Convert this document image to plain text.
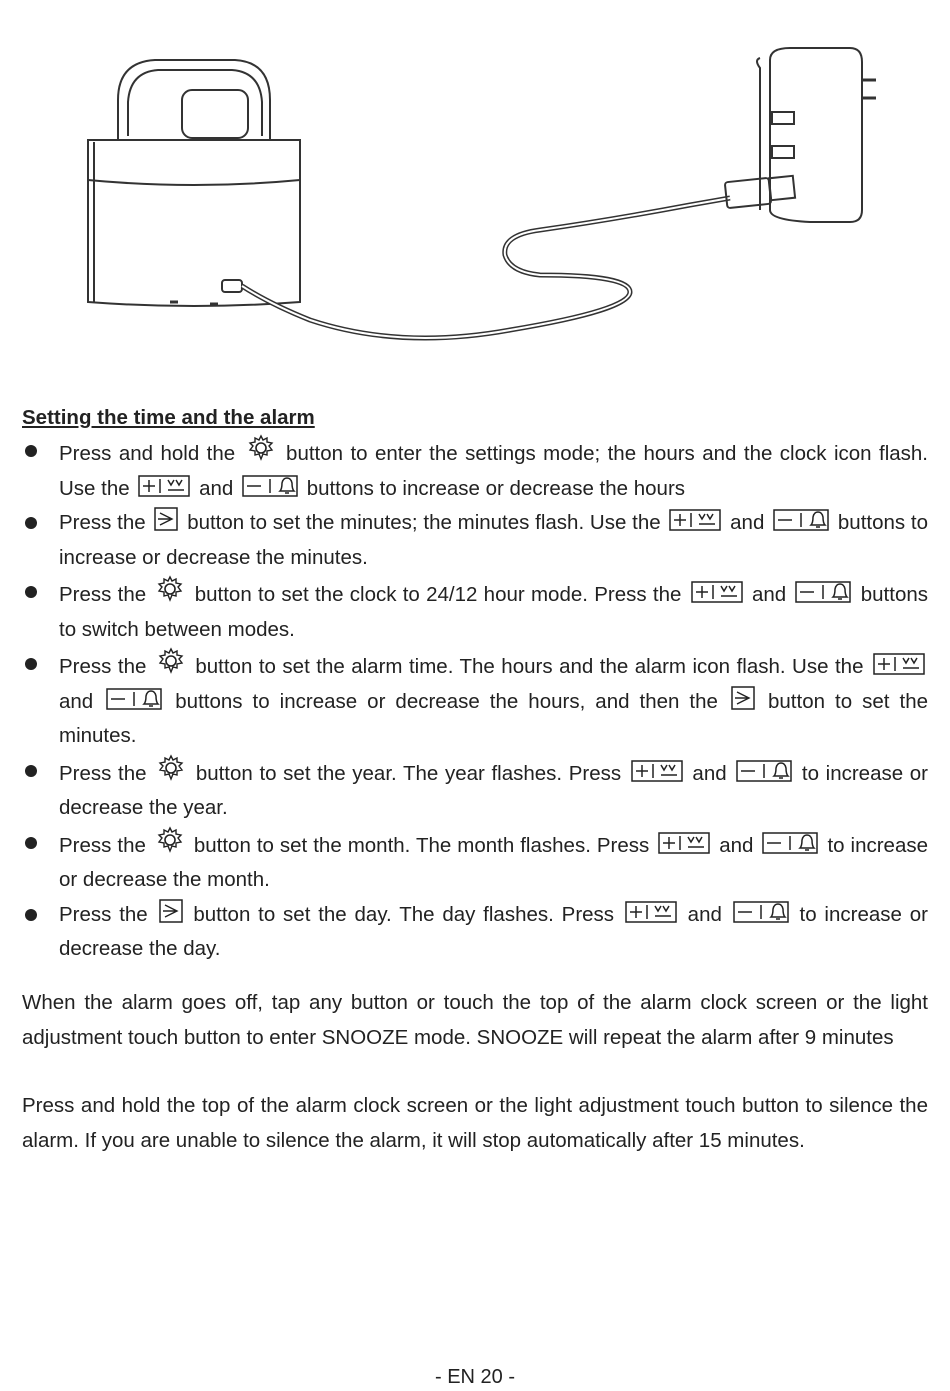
Setting the time and the alarm
Press and hold the button to enter the settings mode; the hours and the clock icon flash. Use the	and	buttons to increase or decrease the hours
Press the button to set the minutes; the minutes flash. Use the	and	buttons to increase or decrease the minutes.
Press the button to set the clock to 24/12 hour mode. Press the	and	buttons to switch between modes.
Press the button to set the alarm time. The hours and the alarm icon flash. Use the
and	buttons to increase or decrease the hours, and then the button to set the minutes.
Press the button to set the year. The year flashes. Press	and	to increase or decrease the year.
Press the button to set the month. The month flashes. Press	and	to increase or decrease the month.
Press the button to set the day. The day flashes. Press	and	to increase or decrease the day.

When the alarm goes off, tap any button or touch the top of the alarm clock screen or the light adjustment touch button to enter SNOOZE mode. SNOOZE will repeat the alarm after 9 minutes

Press and hold the top of the alarm clock screen or the light adjustment touch button to silence the alarm. If you are unable to silence the alarm, it will stop automatically after 15 minutes.

- EN 20 -
